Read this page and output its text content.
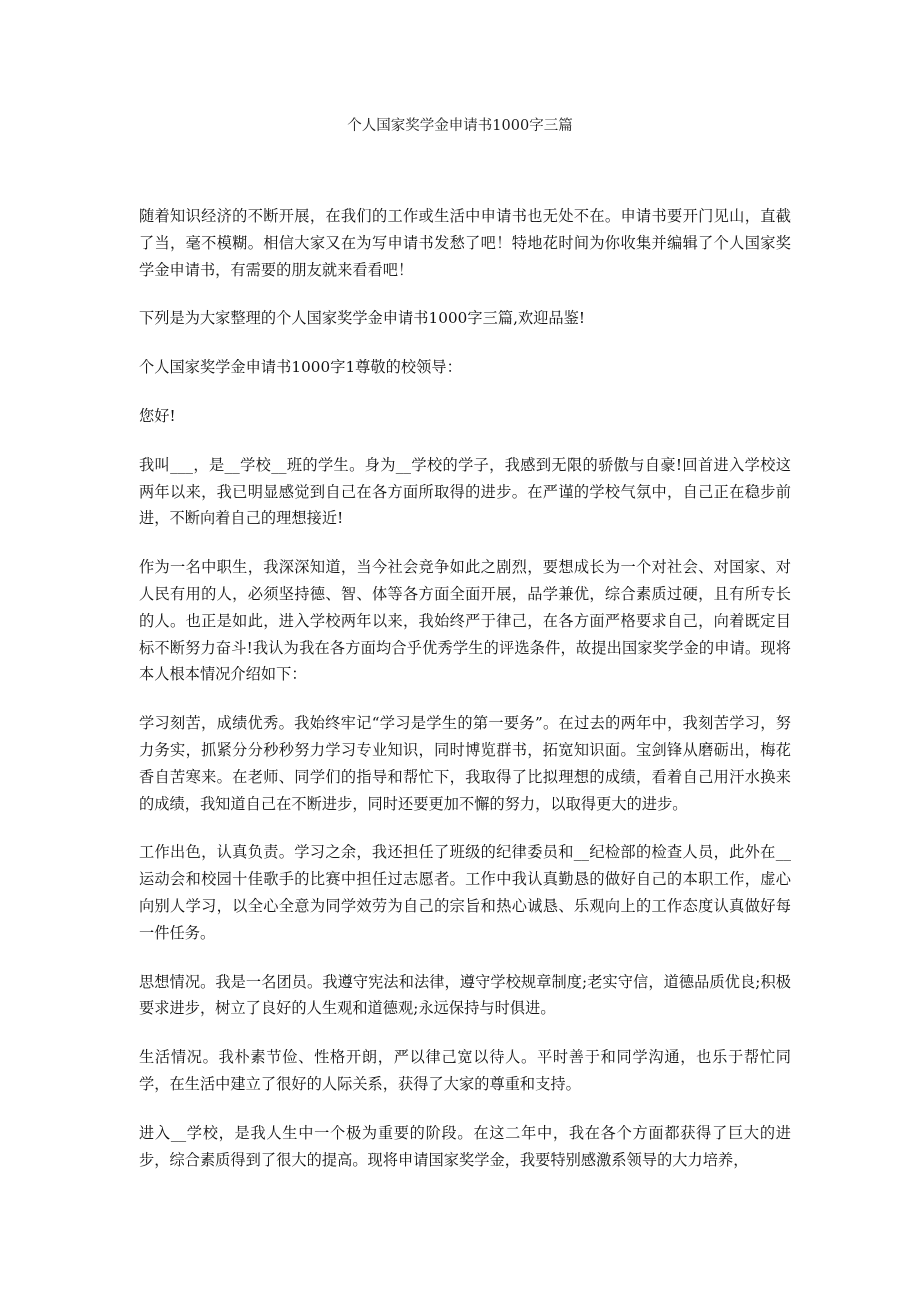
个人国家奖学金申请书1000字三篇

随着知识经济的不断开展，在我们的工作或生活中申请书也无处不在。申请书要开门见山，直截了当，毫不模糊。相信大家又在为写申请书发愁了吧！特地花时间为你收集并编辑了个人国家奖学金申请书，有需要的朋友就来看看吧！

下列是为大家整理的个人国家奖学金申请书1000字三篇,欢迎品鉴!

个人国家奖学金申请书1000字1尊敬的校领导：

您好!

我叫___，是__学校__班的学生。身为__学校的学子，我感到无限的骄傲与自豪!回首进入学校这两年以来，我已明显感觉到自己在各方面所取得的进步。在严谨的学校气氛中，自己正在稳步前进，不断向着自己的理想接近!

作为一名中职生，我深深知道，当今社会竞争如此之剧烈，要想成长为一个对社会、对国家、对人民有用的人，必须坚持德、智、体等各方面全面开展，品学兼优，综合素质过硬，且有所专长的人。也正是如此，进入学校两年以来，我始终严于律己，在各方面严格要求自己，向着既定目标不断努力奋斗!我认为我在各方面均合乎优秀学生的评选条件，故提出国家奖学金的申请。现将本人根本情况介绍如下：

学习刻苦，成绩优秀。我始终牢记“学习是学生的第一要务”。在过去的两年中，我刻苦学习，努力务实，抓紧分分秒秒努力学习专业知识，同时博览群书，拓宽知识面。宝剑锋从磨砺出，梅花香自苦寒来。在老师、同学们的指导和帮忙下，我取得了比拟理想的成绩，看着自己用汗水换来的成绩，我知道自己在不断进步，同时还要更加不懈的努力，以取得更大的进步。

工作出色，认真负责。学习之余，我还担任了班级的纪律委员和__纪检部的检查人员，此外在__运动会和校园十佳歌手的比赛中担任过志愿者。工作中我认真勤恳的做好自己的本职工作，虚心向别人学习，以全心全意为同学效劳为自己的宗旨和热心诚恳、乐观向上的工作态度认真做好每一件任务。

思想情况。我是一名团员。我遵守宪法和法律，遵守学校规章制度;老实守信，道德品质优良;积极要求进步，树立了良好的人生观和道德观;永远保持与时俱进。

生活情况。我朴素节俭、性格开朗，严以律己宽以待人。平时善于和同学沟通，也乐于帮忙同学，在生活中建立了很好的人际关系，获得了大家的尊重和支持。

进入__学校，是我人生中一个极为重要的阶段。在这二年中，我在各个方面都获得了巨大的进步，综合素质得到了很大的提高。现将申请国家奖学金，我要特别感激系领导的大力培养，
